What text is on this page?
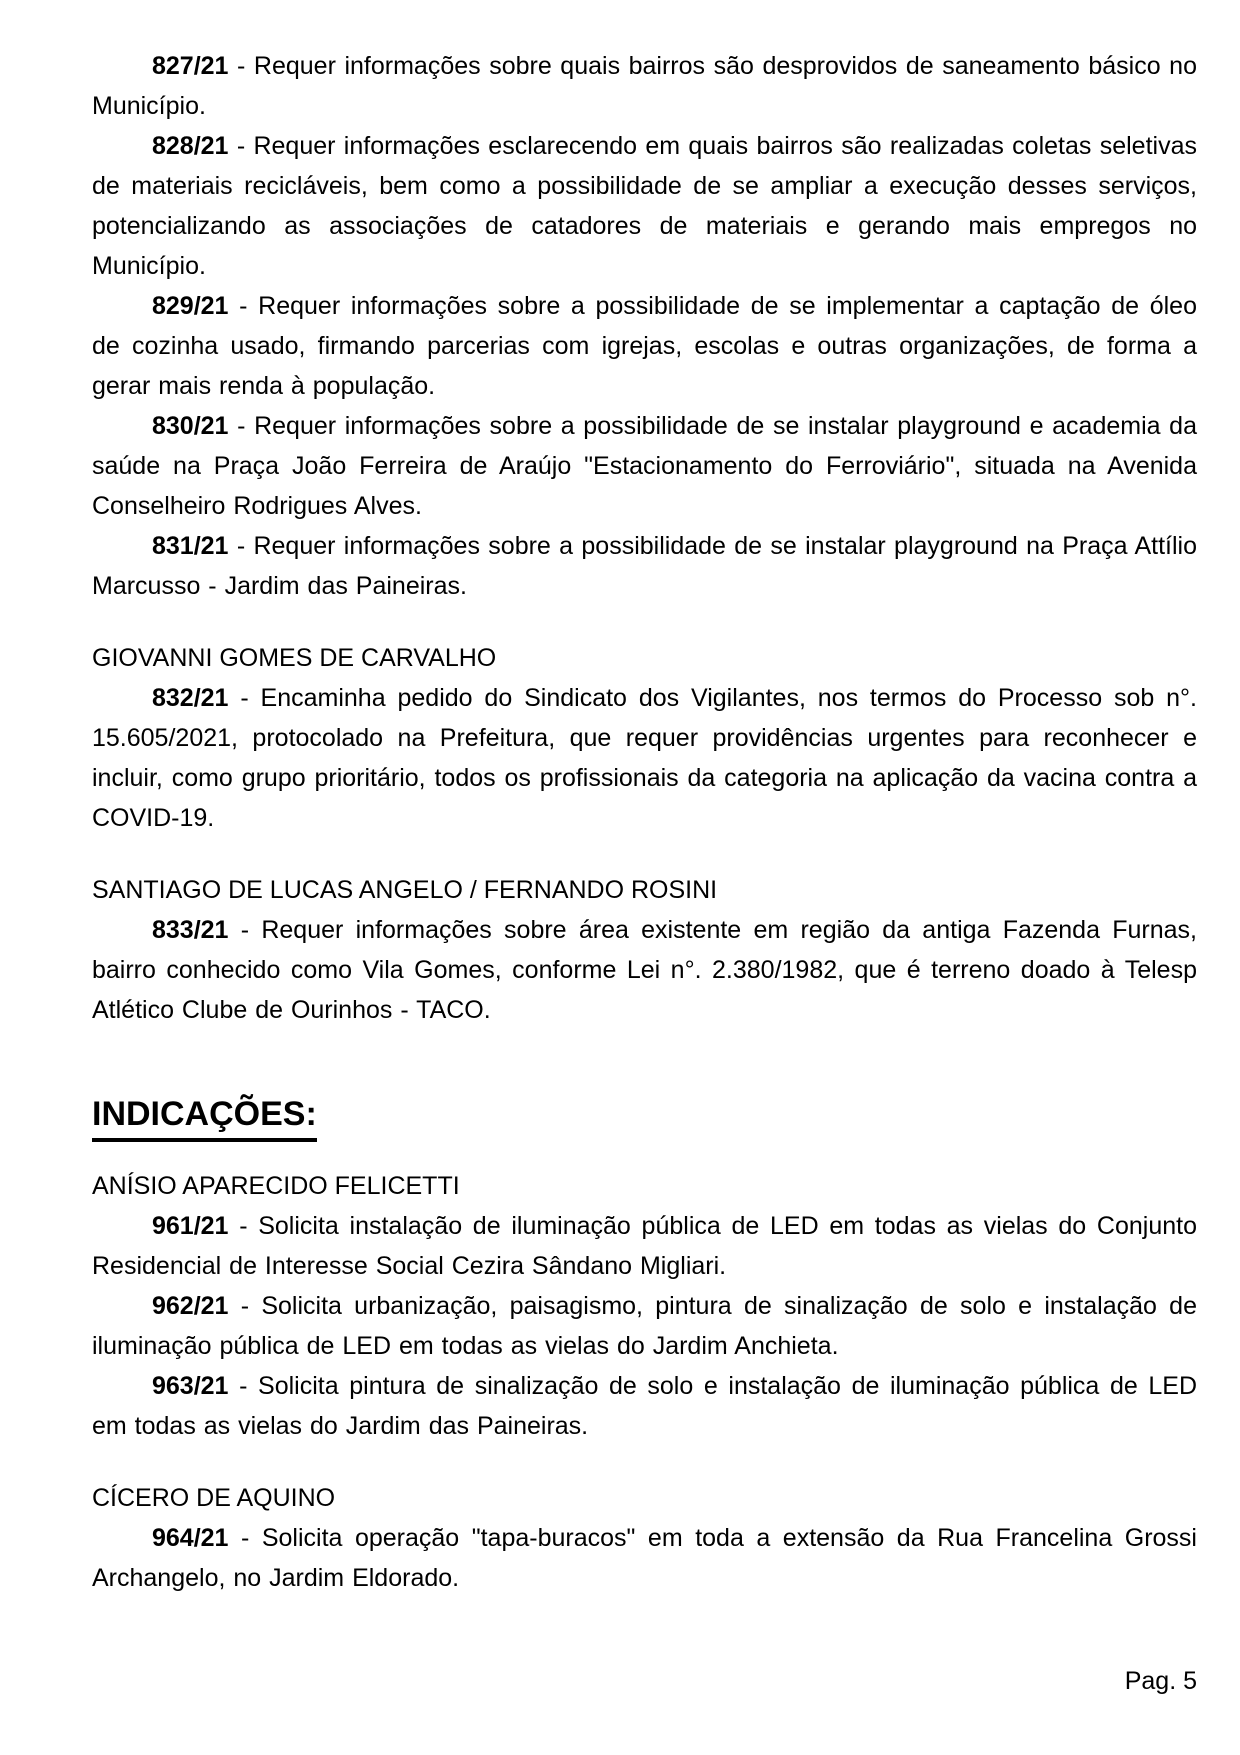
827/21 - Requer informações sobre quais bairros são desprovidos de saneamento básico no Município.

828/21 - Requer informações esclarecendo em quais bairros são realizadas coletas seletivas de materiais recicláveis, bem como a possibilidade de se ampliar a execução desses serviços, potencializando as associações de catadores de materiais e gerando mais empregos no Município.

829/21 - Requer informações sobre a possibilidade de se implementar a captação de óleo de cozinha usado, firmando parcerias com igrejas, escolas e outras organizações, de forma a gerar mais renda à população.

830/21 - Requer informações sobre a possibilidade de se instalar playground e academia da saúde na Praça João Ferreira de Araújo "Estacionamento do Ferroviário", situada na Avenida Conselheiro Rodrigues Alves.

831/21 - Requer informações sobre a possibilidade de se instalar playground na Praça Attílio Marcusso - Jardim das Paineiras.

GIOVANNI GOMES DE CARVALHO

832/21 - Encaminha pedido do Sindicato dos Vigilantes, nos termos do Processo sob n°. 15.605/2021, protocolado na Prefeitura, que requer providências urgentes para reconhecer e incluir, como grupo prioritário, todos os profissionais da categoria na aplicação da vacina contra a COVID-19.

SANTIAGO DE LUCAS ANGELO / FERNANDO ROSINI

833/21 - Requer informações sobre área existente em região da antiga Fazenda Furnas, bairro conhecido como Vila Gomes, conforme Lei n°. 2.380/1982, que é terreno doado à Telesp Atlético Clube de Ourinhos - TACO.

INDICAÇÕES:
ANÍSIO APARECIDO FELICETTI

961/21 - Solicita instalação de iluminação pública de LED em todas as vielas do Conjunto Residencial de Interesse Social Cezira Sândano Migliari.

962/21 - Solicita urbanização, paisagismo, pintura de sinalização de solo e instalação de iluminação pública de LED em todas as vielas do Jardim Anchieta.

963/21 - Solicita pintura de sinalização de solo e instalação de iluminação pública de LED em todas as vielas do Jardim das Paineiras.

CÍCERO DE AQUINO

964/21 - Solicita operação "tapa-buracos" em toda a extensão da Rua Francelina Grossi Archangelo, no Jardim Eldorado.

Pag. 5
